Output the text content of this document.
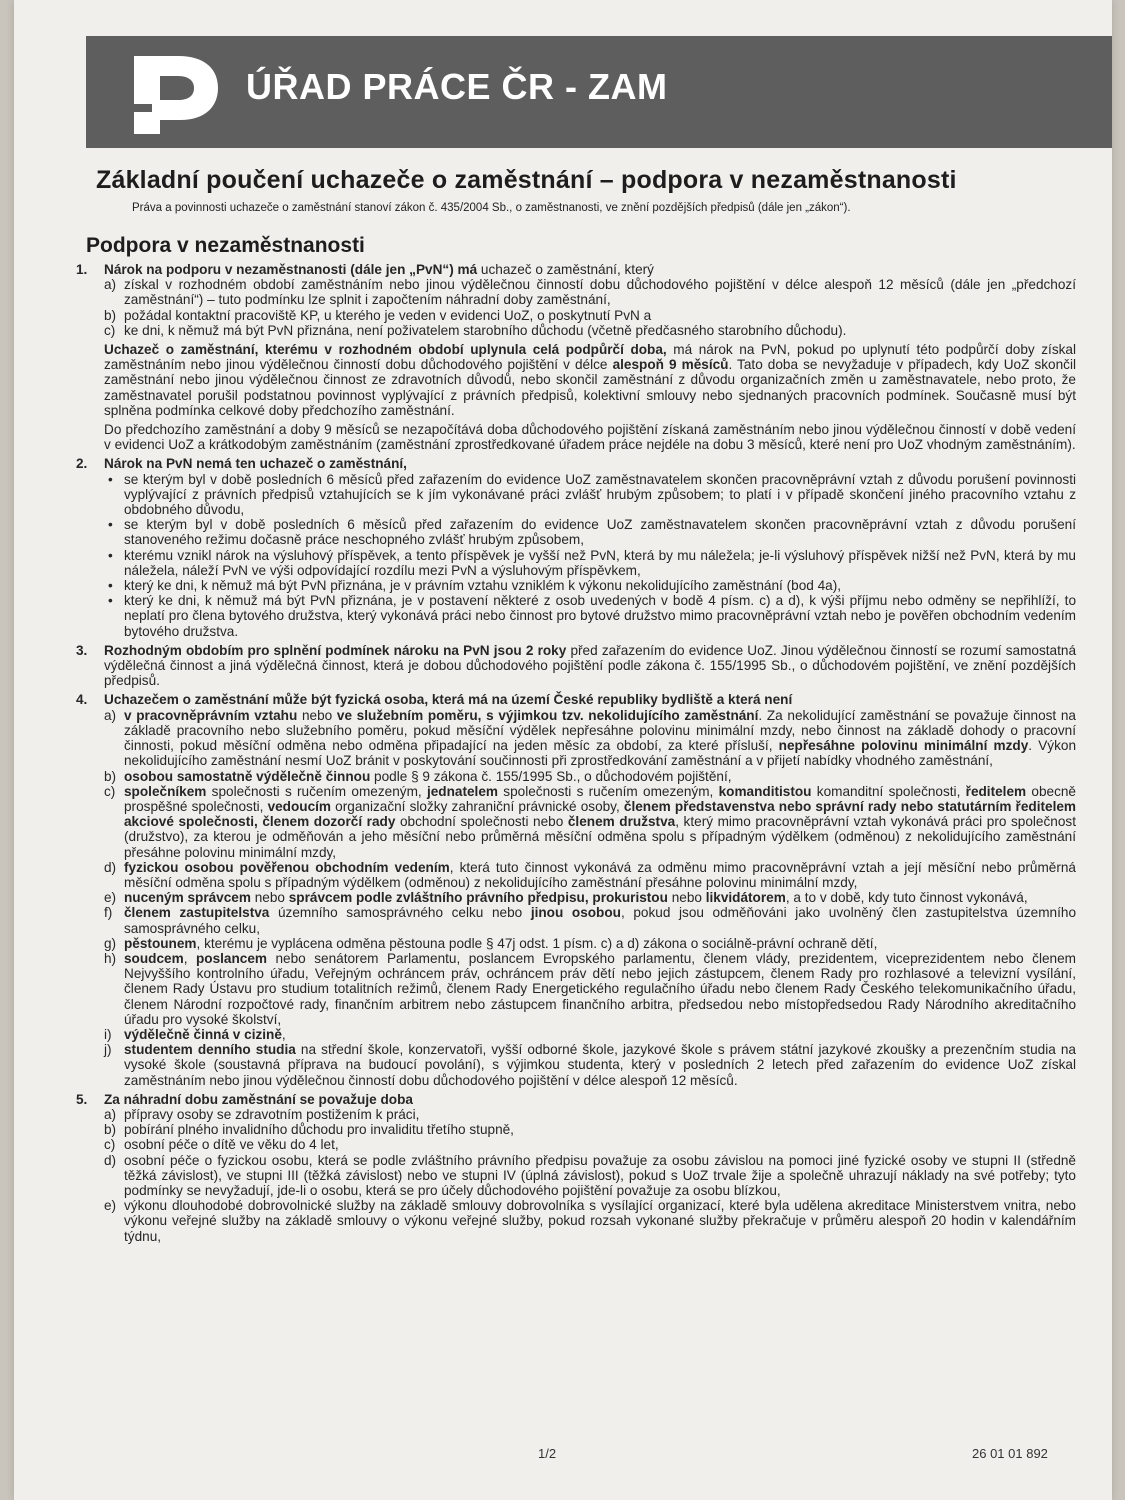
ÚŘAD PRÁCE ČR - ZAM
Základní poučení uchazeče o zaměstnání – podpora v nezaměstnanosti
Práva a povinnosti uchazeče o zaměstnání stanoví zákon č. 435/2004 Sb., o zaměstnanosti, ve znění pozdějších předpisů (dále jen „zákon“).
Podpora v nezaměstnanosti
1. Nárok na podporu v nezaměstnanosti (dále jen „PvN“) má uchazeč o zaměstnání, který
a) získal v rozhodném období zaměstnáním nebo jinou výdělečnou činností dobu důchodového pojištění v délce alespoň 12 měsíců (dále jen „předchozí zaměstnání“) – tuto podmínku lze splnit i započtením náhradní doby zaměstnání,
b) požádal kontaktní pracoviště KP, u kterého je veden v evidenci UoZ, o poskytnutí PvN a
c) ke dni, k němuž má být PvN přiznána, není poživatelem starobního důchodu (včetně předčasného starobního důchodu).
Uchazeč o zaměstnání, kterému v rozhodném období uplynula celá podpůrčí doba, má nárok na PvN, pokud po uplynutí této podpůrčí doby získal zaměstnáním nebo jinou výdělečnou činností dobu důchodového pojištění v délce alespoň 9 měsíců. Tato doba se nevyžaduje v případech, kdy UoZ skončil zaměstnání nebo jinou výdělečnou činnost ze zdravotních důvodů, nebo skončil zaměstnání z důvodu organizačních změn u zaměstnavatele, nebo proto, že zaměstnavatel porušil podstatnou povinnost vyplývající z právních předpisů, kolektivní smlouvy nebo sjednaných pracovních podmínek. Současně musí být splněna podmínka celkové doby předchozího zaměstnání.
Do předchozího zaměstnání a doby 9 měsíců se nezapočítává doba důchodového pojištění získaná zaměstnáním nebo jinou výdělečnou činností v době vedení v evidenci UoZ a krátkodobým zaměstnáním (zaměstnání zprostředkované úřadem práce nejdéle na dobu 3 měsíců, které není pro UoZ vhodným zaměstnáním).
2. Nárok na PvN nemá ten uchazeč o zaměstnání,
• se kterým byl v době posledních 6 měsíců před zařazením do evidence UoZ zaměstnavatelem skončen pracovněprávní vztah z důvodu porušení povinnosti vyplývající z právních předpisů vztahujících se k jím vykonávané práci zvlášť hrubým způsobem; to platí i v případě skončení jiného pracovního vztahu z obdobného důvodu,
• se kterým byl v době posledních 6 měsíců před zařazením do evidence UoZ zaměstnavatelem skončen pracovněprávní vztah z důvodu porušení stanoveného režimu dočasně práce neschopného zvlášť hrubým způsobem,
• kterému vznikl nárok na výsluhový příspěvek, a tento příspěvek je vyšší než PvN, která by mu náležela; je-li výsluhový příspěvek nižší než PvN, která by mu náležela, náleží PvN ve výši odpovídající rozdílu mezi PvN a výsluhovým příspěvkem,
• který ke dni, k němuž má být PvN přiznána, je v právním vztahu vzniklém k výkonu nekolidujícího zaměstnání (bod 4a),
• který ke dni, k němuž má být PvN přiznána, je v postavení některé z osob uvedených v bodě 4 písm. c) a d), k výši příjmu nebo odměny se nepřihlíží, to neplatí pro člena bytového družstva, který vykonává práci nebo činnost pro bytové družstvo mimo pracovněprávní vztah nebo je pověřen obchodním vedením bytového družstva.
3. Rozhodným obdobím pro splnění podmínek nároku na PvN jsou 2 roky před zařazením do evidence UoZ. Jinou výdělečnou činností se rozumí samostatná výdělečná činnost a jiná výdělečná činnost, která je dobou důchodového pojištění podle zákona č. 155/1995 Sb., o důchodovém pojištění, ve znění pozdějších předpisů.
4. Uchazečem o zaměstnání může být fyzická osoba, která má na území České republiky bydliště a která není
a) v pracovněprávním vztahu nebo ve služebním poměru, s výjimkou tzv. nekolidujícího zaměstnání. Za nekolidující zaměstnání se považuje činnost na základě pracovního nebo služebního poměru, pokud měsíční výdělek nepřesáhne polovinu minimální mzdy, nebo činnost na základě dohody o pracovní činnosti, pokud měsíční odměna nebo odměna připadající na jeden měsíc za období, za které přísluší, nepřesáhne polovinu minimální mzdy. Výkon nekolidujícího zaměstnání nesmí UoZ bránit v poskytování součinnosti při zprostředkování zaměstnání a v přijetí nabídky vhodného zaměstnání,
b) osobou samostatně výdělečně činnou podle § 9 zákona č. 155/1995 Sb., o důchodovém pojištění,
c) společníkem společnosti s ručením omezeným, jednatelem společnosti s ručením omezeným, komanditistou komanditní společnosti, ředitelem obecně prospěšné společnosti, vedoucím organizační složky zahraniční právnické osoby, členem představenstva nebo správní rady nebo statutárním ředitelem akciové společnosti, členem dozorčí rady obchodní společnosti nebo členem družstva, který mimo pracovněprávní vztah vykonává práci pro společnost (družstvo), za kterou je odměňován a jeho měsíční nebo průměrná měsíční odměna spolu s případným výdělkem (odměnou) z nekolidujícího zaměstnání přesáhne polovinu minimální mzdy,
d) fyzickou osobou pověřenou obchodním vedením, která tuto činnost vykonává za odměnu mimo pracovněprávní vztah a její měsíční nebo průměrná měsíční odměna spolu s případným výdělkem (odměnou) z nekolidujícího zaměstnání přesáhne polovinu minimální mzdy,
e) nuceným správcem nebo správcem podle zvláštního právního předpisu, prokuristou nebo likvidátorem, a to v době, kdy tuto činnost vykonává,
f) členem zastupitelstva územního samosprávného celku nebo jinou osobou, pokud jsou odměňováni jako uvolněný člen zastupitelstva územního samosprávného celku,
g) pěstounem, kterému je vyplácena odměna pěstouna podle § 47j odst. 1 písm. c) a d) zákona o sociálně-právní ochraně dětí,
h) soudcem, poslancem nebo senátorem Parlamentu, poslancem Evropského parlamentu, členem vlády, prezidentem, viceprezidentem nebo členem Nejvyššího kontrolního úřadu, Veřejným ochráncem práv, ochráncem práv dětí nebo jejich zástupcem, členem Rady pro rozhlasové a televizní vysílání, členem Rady Ústavu pro studium totalitních režimů, členem Rady Energetického regulačního úřadu nebo členem Rady Českého telekomunikačního úřadu, členem Národní rozpočtové rady, finančním arbitrem nebo zástupcem finančního arbitra, předsedou nebo místopředsedou Rady Národního akreditačního úřadu pro vysoké školství,
i) výdělečně činná v cizině,
j) studentem denního studia na střední škole, konzervatoři, vyšší odborné škole, jazykové škole s právem státní jazykové zkoušky a prezenčním studia na vysoké škole (soustavná příprava na budoucí povolání), s výjimkou studenta, který v posledních 2 letech před zařazením do evidence UoZ získal zaměstnáním nebo jinou výdělečnou činností dobu důchodového pojištění v délce alespoň 12 měsíců.
5. Za náhradní dobu zaměstnání se považuje doba
a) přípravy osoby se zdravotním postižením k práci,
b) pobírání plného invalidního důchodu pro invaliditu třetího stupně,
c) osobní péče o dítě ve věku do 4 let,
d) osobní péče o fyzickou osobu, která se podle zvláštního právního předpisu považuje za osobu závislou na pomoci jiné fyzické osoby ve stupni II (středně těžká závislost), ve stupni III (těžká závislost) nebo ve stupni IV (úplná závislost), pokud s UoZ trvale žije a společně uhrazují náklady na své potřeby; tyto podmínky se nevyžadují, jde-li o osobu, která se pro účely důchodového pojištění považuje za osobu blízkou,
e) výkonu dlouhodobé dobrovolnické služby na základě smlouvy dobrovolníka s vysílající organizací, které byla udělena akreditace Ministerstvem vnitra, nebo výkonu veřejné služby na základě smlouvy o výkonu veřejné služby, pokud rozsah vykonané služby překračuje v průměru alespoň 20 hodin v kalendářním týdnu,
1/2	26 01 01 892
